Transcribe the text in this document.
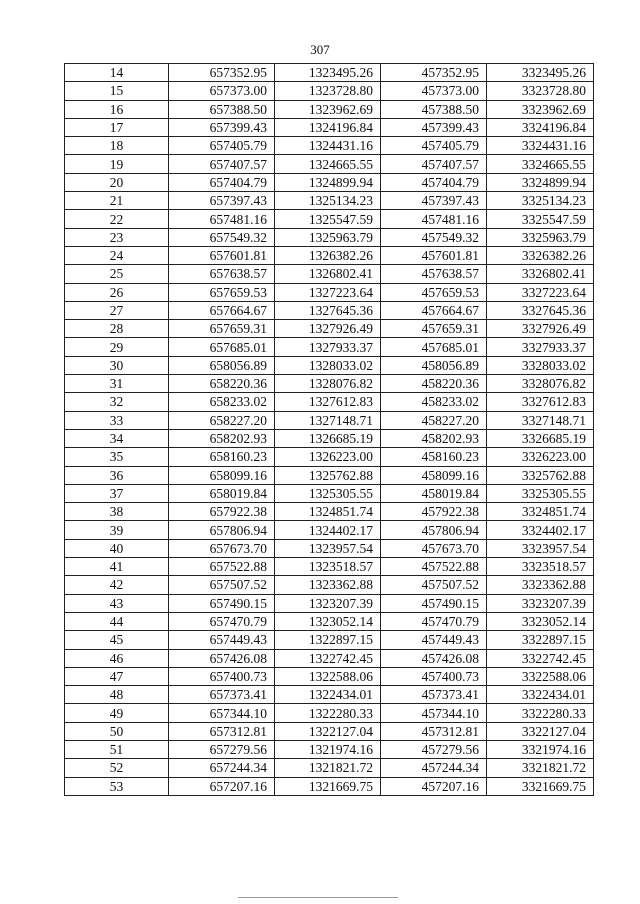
307
14	657352.95	1323495.26	457352.95	3323495.26
15	657373.00	1323728.80	457373.00	3323728.80
16	657388.50	1323962.69	457388.50	3323962.69
17	657399.43	1324196.84	457399.43	3324196.84
18	657405.79	1324431.16	457405.79	3324431.16
19	657407.57	1324665.55	457407.57	3324665.55
20	657404.79	1324899.94	457404.79	3324899.94
21	657397.43	1325134.23	457397.43	3325134.23
22	657481.16	1325547.59	457481.16	3325547.59
23	657549.32	1325963.79	457549.32	3325963.79
24	657601.81	1326382.26	457601.81	3326382.26
25	657638.57	1326802.41	457638.57	3326802.41
26	657659.53	1327223.64	457659.53	3327223.64
27	657664.67	1327645.36	457664.67	3327645.36
28	657659.31	1327926.49	457659.31	3327926.49
29	657685.01	1327933.37	457685.01	3327933.37
30	658056.89	1328033.02	458056.89	3328033.02
31	658220.36	1328076.82	458220.36	3328076.82
32	658233.02	1327612.83	458233.02	3327612.83
33	658227.20	1327148.71	458227.20	3327148.71
34	658202.93	1326685.19	458202.93	3326685.19
35	658160.23	1326223.00	458160.23	3326223.00
36	658099.16	1325762.88	458099.16	3325762.88
37	658019.84	1325305.55	458019.84	3325305.55
38	657922.38	1324851.74	457922.38	3324851.74
39	657806.94	1324402.17	457806.94	3324402.17
40	657673.70	1323957.54	457673.70	3323957.54
41	657522.88	1323518.57	457522.88	3323518.57
42	657507.52	1323362.88	457507.52	3323362.88
43	657490.15	1323207.39	457490.15	3323207.39
44	657470.79	1323052.14	457470.79	3323052.14
45	657449.43	1322897.15	457449.43	3322897.15
46	657426.08	1322742.45	457426.08	3322742.45
47	657400.73	1322588.06	457400.73	3322588.06
48	657373.41	1322434.01	457373.41	3322434.01
49	657344.10	1322280.33	457344.10	3322280.33
50	657312.81	1322127.04	457312.81	3322127.04
51	657279.56	1321974.16	457279.56	3321974.16
52	657244.34	1321821.72	457244.34	3321821.72
53	657207.16	1321669.75	457207.16	3321669.75
